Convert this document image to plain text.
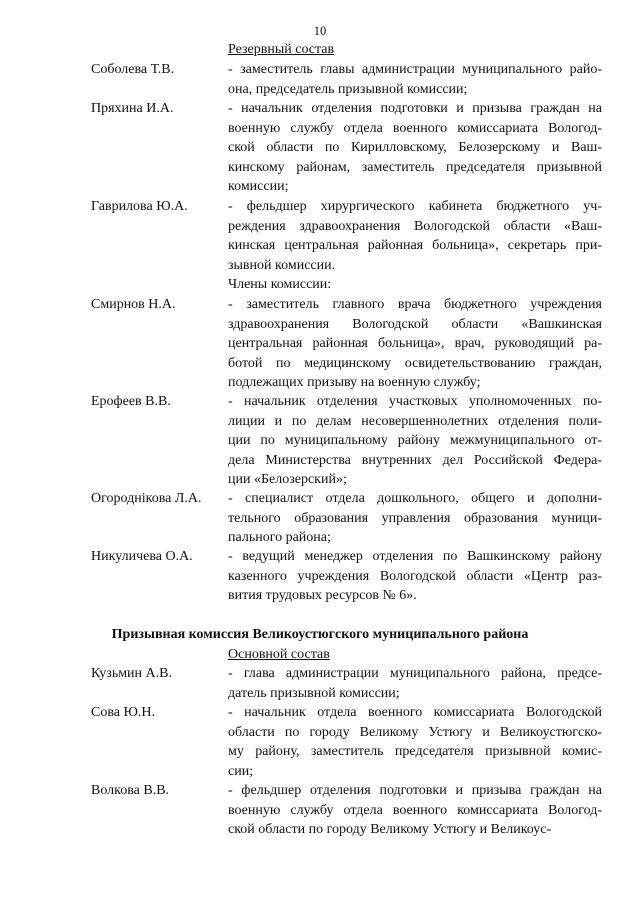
10
Резервный состав
Соболева Т.В.	- заместитель главы администрации муниципального райо-
она, председатель призывной комиссии;
Пряхина И.А.	- начальник отделения подготовки и призыва граждан на
военную службу отдела военного комиссариата Вологод-
ской области по Кирилловскому, Белозерскому и Ваш-
кинскому районам, заместитель председателя призывной
комиссии;
Гаврилова Ю.А.	- фельдшер хирургического кабинета бюджетного уч-
реждения здравоохранения Вологодской области «Ваш-
кинская центральная районная больница», секретарь при-
зывной комиссии.
Члены комиссии:
Смирнов Н.А.	- заместитель главного врача бюджетного учреждения
здравоохранения Вологодской области «Вашкинская
центральная районная больница», врач, руководящий ра-
ботой по медицинскому освидетельствованию граждан,
подлежащих призыву на военную службу;
Ерофеев В.В.	- начальник отделения участковых уполномоченных по-
лиции и по делам несовершеннолетних отделения поли-
ции по муниципальному району межмуниципального от-
дела Министерства внутренних дел Российской Федера-
ции «Белозерский»;
Огороднікова Л.А. - специалист отдела дошкольного, общего и дополни-
тельного образования управления образования муници-
пального района;
Никуличева О.А.	- ведущий менеджер отделения по Вашкинскому району
казенного учреждения Вологодской области «Центр раз-
вития трудовых ресурсов № 6».
Призывная комиссия Великоустюгского муниципального района
Основной состав
Кузьмин А.В.	- глава администрации муниципального района, предсе-
датель призывной комиссии;
Сова Ю.Н.	- начальник отдела военного комиссариата Вологодской
области по городу Великому Устюгу и Великоустюгско-
му району, заместитель председателя призывной комис-
сии;
Волкова В.В.	- фельдшер отделения подготовки и призыва граждан на
военную службу отдела военного комиссариата Вологод-
ской области по городу Великому Устюгу и Великоус-
